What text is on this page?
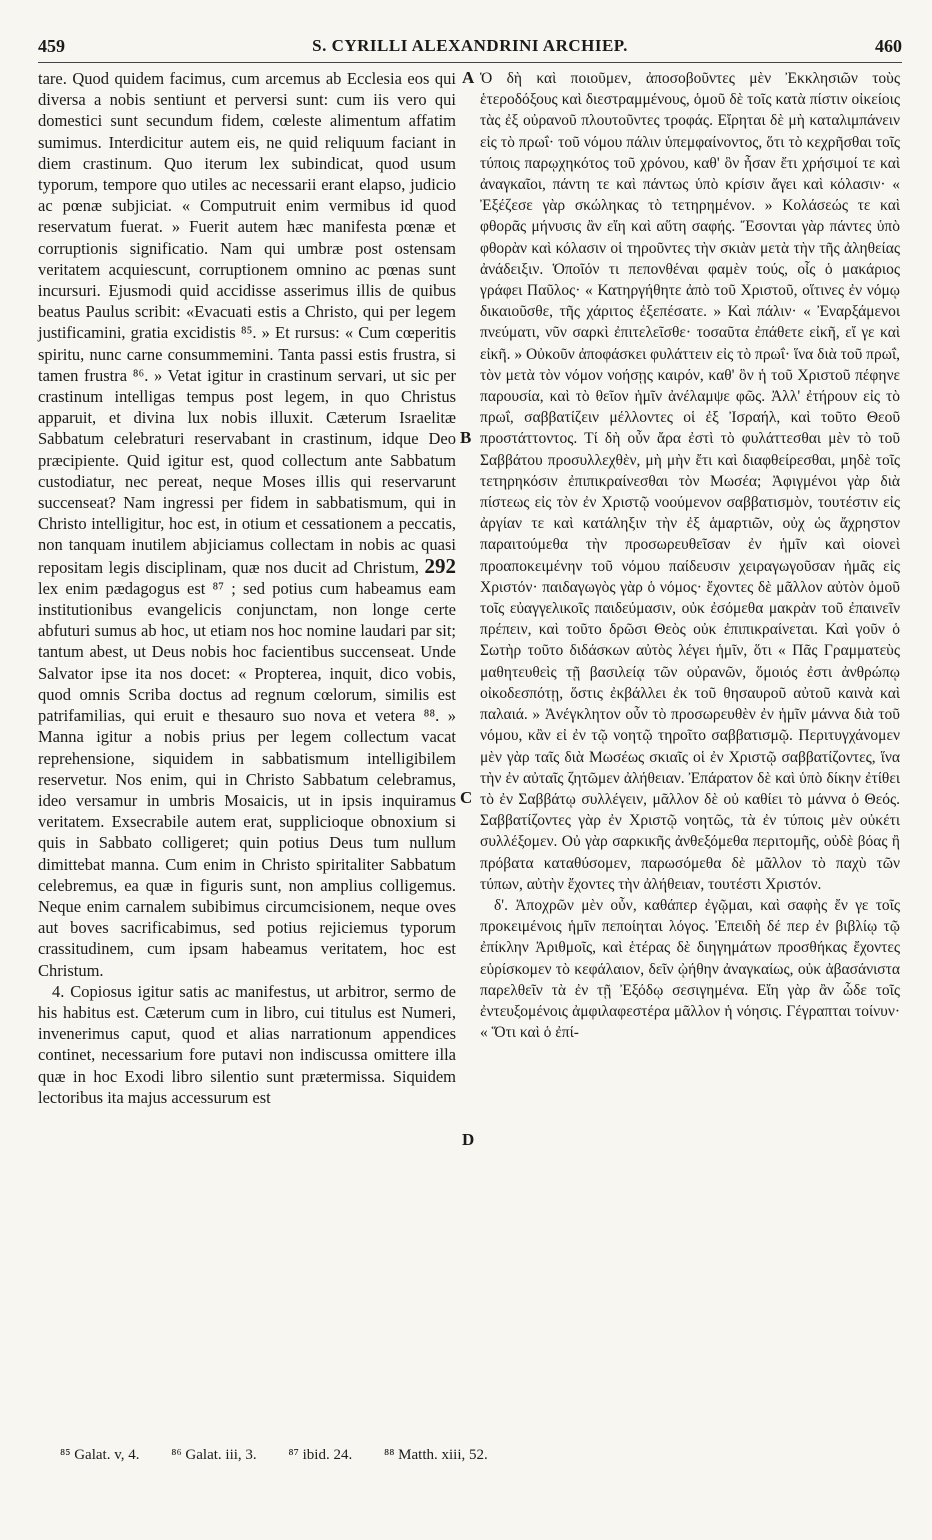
459	S. CYRILLI ALEXANDRINI ARCHIEP.	460

tare. Quod quidem facimus, cum arcemus ab Ecclesia eos qui diversa a nobis sentiunt et perversi sunt: cum iis vero qui domestici sunt secundum fidem, cœleste alimentum affatim sumimus. Interdicitur autem eis, ne quid reliquum faciant in diem crastinum. Quo iterum lex subindicat, quod usum typorum, tempore quo utiles ac necessarii erant elapso, judicio ac pœnæ subjiciat. « Computruit enim vermibus id quod reservatum fuerat. » Fuerit autem hæc manifesta pœnæ et corruptionis significatio. Nam qui umbræ post ostensam veritatem acquiescunt, corruptionem omnino ac pœnas sunt incursuri. Ejusmodi quid accidisse asserimus illis de quibus beatus Paulus scribit: «Evacuati estis a Christo, qui per legem justificamini, gratia excidistis ⁸⁵. » Et rursus: « Cum cœperitis spiritu, nunc carne consummemini. Tanta passi estis frustra, si tamen frustra ⁸⁶. » Vetat igitur in crastinum servari, ut sic per crastinum intelligas tempus post legem, in quo Christus apparuit, et divina lux nobis illuxit. Cæterum Israelitæ Sabbatum celebraturi reservabant in crastinum, idque Deo præcipiente. Quid igitur est, quod collectum ante Sabbatum custodiatur, nec pereat, neque Moses illis qui reservarunt succenseat? Nam ingressi per fidem in sabbatismum, qui in Christo intelligitur, hoc est, in otium et cessationem a peccatis, non tanquam inutilem abjiciamus collectam in nobis ac quasi repositam legis disciplinam, quæ nos ducit ad Christum, 292 lex enim pædagogus est ⁸⁷ ; sed potius cum habeamus eam institutionibus evangelicis conjunctam, non longe certe abfuturi sumus ab hoc, ut etiam nos hoc nomine laudari par sit; tantum abest, ut Deus nobis hoc facientibus succenseat. Unde Salvator ipse ita nos docet: « Propterea, inquit, dico vobis, quod omnis Scriba doctus ad regnum cœlorum, similis est patrifamilias, qui eruit e thesauro suo nova et vetera ⁸⁸. » Manna igitur a nobis prius per legem collectum vacat reprehensione, siquidem in sabbatismum intelligibilem reservetur. Nos enim, qui in Christo Sabbatum celebramus, ideo versamur in umbris Mosaicis, ut in ipsis inquiramus veritatem. Exsecrabile autem erat, supplicioque obnoxium si quis in Sabbato colligeret; quin potius Deus tum nullum dimittebat manna. Cum enim in Christo spiritaliter Sabbatum celebremus, ea quæ in figuris sunt, non amplius colligemus. Neque enim carnalem subibimus circumcisionem, neque oves aut boves sacrificabimus, sed potius rejiciemus typorum crassitudinem, cum ipsam habeamus veritatem, hoc est Christum.

4. Copiosus igitur satis ac manifestus, ut arbitror, sermo de his habitus est. Cæterum cum in libro, cui titulus est Numeri, invenerimus caput, quod et alias narrationum appendices continet, necessarium fore putavi non indiscussa omittere illa quæ in hoc Exodi libro silentio sunt prætermissa. Siquidem lectoribus ita majus accessurum est

A
B
C
D

Ὁ δὴ καὶ ποιοῦμεν, ἀποσοβοῦντες μὲν Ἐκκλησιῶν τοὺς ἑτεροδόξους καὶ διεστραμμένους, ὁμοῦ δὲ τοῖς κατὰ πίστιν οἰκείοις τὰς ἐξ οὐρανοῦ πλουτοῦντες τροφάς. Εἴρηται δὲ μὴ καταλιμπάνειν εἰς τὸ πρωΐ· τοῦ νόμου πάλιν ὑπεμφαίνοντος, ὅτι τὸ κεχρῆσθαι τοῖς τύποις παρῳχηκότος τοῦ χρόνου, καθ' ὃν ἦσαν ἔτι χρήσιμοί τε καὶ ἀναγκαῖοι, πάντη τε καὶ πάντως ὑπὸ κρίσιν ἄγει καὶ κόλασιν· « Ἐξέζεσε γὰρ σκώληκας τὸ τετηρημένον. » Κολάσεώς τε καὶ φθορᾶς μήνυσις ἂν εἴη καὶ αὕτη σαφής. Ἔσονται γὰρ πάντες ὑπὸ φθορὰν καὶ κόλασιν οἱ τηροῦντες τὴν σκιὰν μετὰ τὴν τῆς ἀληθείας ἀνάδειξιν. Ὁποῖόν τι πεπονθέναι φαμὲν τούς, οἷς ὁ μακάριος γράφει Παῦλος· « Κατηργήθητε ἀπὸ τοῦ Χριστοῦ, οἵτινες ἐν νόμῳ δικαιοῦσθε, τῆς χάριτος ἐξεπέσατε. » Καὶ πάλιν· « Ἐναρξάμενοι πνεύματι, νῦν σαρκὶ ἐπιτελεῖσθε· τοσαῦτα ἐπάθετε εἰκῆ, εἴ γε καὶ εἰκῆ. » Οὐκοῦν ἀποφάσκει φυλάττειν εἰς τὸ πρωΐ· ἵνα διὰ τοῦ πρωΐ, τὸν μετὰ τὸν νόμον νοήσῃς καιρόν, καθ' ὃν ἡ τοῦ Χριστοῦ πέφηνε παρουσία, καὶ τὸ θεῖον ἡμῖν ἀνέλαμψε φῶς. Ἀλλ' ἐτήρουν εἰς τὸ πρωΐ, σαββατίζειν μέλλοντες οἱ ἐξ Ἰσραήλ, καὶ τοῦτο Θεοῦ προστάττοντος. Τί δὴ οὖν ἄρα ἐστὶ τὸ φυλάττεσθαι μὲν τὸ τοῦ Σαββάτου προσυλλεχθὲν, μὴ μὴν ἔτι καὶ διαφθείρεσθαι, μηδὲ τοῖς τετηρηκόσιν ἐπιπικραίνεσθαι τὸν Μωσέα; Ἀφιγμένοι γὰρ διὰ πίστεως εἰς τὸν ἐν Χριστῷ νοούμενον σαββατισμὸν, τουτέστιν εἰς ἀργίαν τε καὶ κατάληξιν τὴν ἐξ ἁμαρτιῶν, οὐχ ὡς ἄχρηστον παραιτούμεθα τὴν προσωρευθεῖσαν ἐν ἡμῖν καὶ οἱονεὶ προαποκειμένην τοῦ νόμου παίδευσιν χειραγωγοῦσαν ἡμᾶς εἰς Χριστόν· παιδαγωγὸς γὰρ ὁ νόμος· ἔχοντες δὲ μᾶλλον αὐτὸν ὁμοῦ τοῖς εὐαγγελικοῖς παιδεύμασιν, οὐκ ἐσόμεθα μακρὰν τοῦ ἐπαινεῖν πρέπειν, καὶ τοῦτο δρῶσι Θεὸς οὐκ ἐπιπικραίνεται. Καὶ γοῦν ὁ Σωτὴρ τοῦτο διδάσκων αὐτὸς λέγει ἡμῖν, ὅτι « Πᾶς Γραμματεὺς μαθητευθεὶς τῇ βασιλείᾳ τῶν οὐρανῶν, ὅμοιός ἐστι ἀνθρώπῳ οἰκοδεσπότῃ, ὅστις ἐκβάλλει ἐκ τοῦ θησαυροῦ αὐτοῦ καινὰ καὶ παλαιά. » Ἀνέγκλητον οὖν τὸ προσωρευθὲν ἐν ἡμῖν μάννα διὰ τοῦ νόμου, κἂν εἰ ἐν τῷ νοητῷ τηροῖτο σαββατισμῷ. Περιτυγχάνομεν μὲν γὰρ ταῖς διὰ Μωσέως σκιαῖς οἱ ἐν Χριστῷ σαββατίζοντες, ἵνα τὴν ἐν αὐταῖς ζητῶμεν ἀλήθειαν. Ἐπάρατον δὲ καὶ ὑπὸ δίκην ἐτίθει τὸ ἐν Σαββάτῳ συλλέγειν, μᾶλλον δὲ οὐ καθίει τὸ μάννα ὁ Θεός. Σαββατίζοντες γὰρ ἐν Χριστῷ νοητῶς, τὰ ἐν τύποις μὲν οὐκέτι συλλέξομεν. Οὐ γὰρ σαρκικῆς ἀνθεξόμεθα περιτομῆς, οὐδὲ βόας ἢ πρόβατα καταθύσομεν, παρωσόμεθα δὲ μᾶλλον τὸ παχὺ τῶν τύπων, αὐτὴν ἔχοντες τὴν ἀλήθειαν, τουτέστι Χριστόν.

δ'. Ἀποχρῶν μὲν οὖν, καθάπερ ἐγῷμαι, καὶ σαφὴς ἔν γε τοῖς προκειμένοις ἡμῖν πεποίηται λόγος. Ἐπειδὴ δέ περ ἐν βιβλίῳ τῷ ἐπίκλην Ἀριθμοῖς, καὶ ἑτέρας δὲ διηγημάτων προσθήκας ἔχοντες εὑρίσκομεν τὸ κεφάλαιον, δεῖν ᾠήθην ἀναγκαίως, οὐκ ἀβασάνιστα παρελθεῖν τὰ ἐν τῇ Ἐξόδῳ σεσιγημένα. Εἴη γὰρ ἂν ὧδε τοῖς ἐντευξομένοις ἀμφιλαφεστέρα μᾶλλον ἡ νόησις. Γέγραπται τοίνυν· « Ὅτι καὶ ὁ ἐπί-

⁸⁵ Galat. v, 4. ⁸⁶ Galat. iii, 3. ⁸⁷ ibid. 24. ⁸⁸ Matth. xiii, 52.
